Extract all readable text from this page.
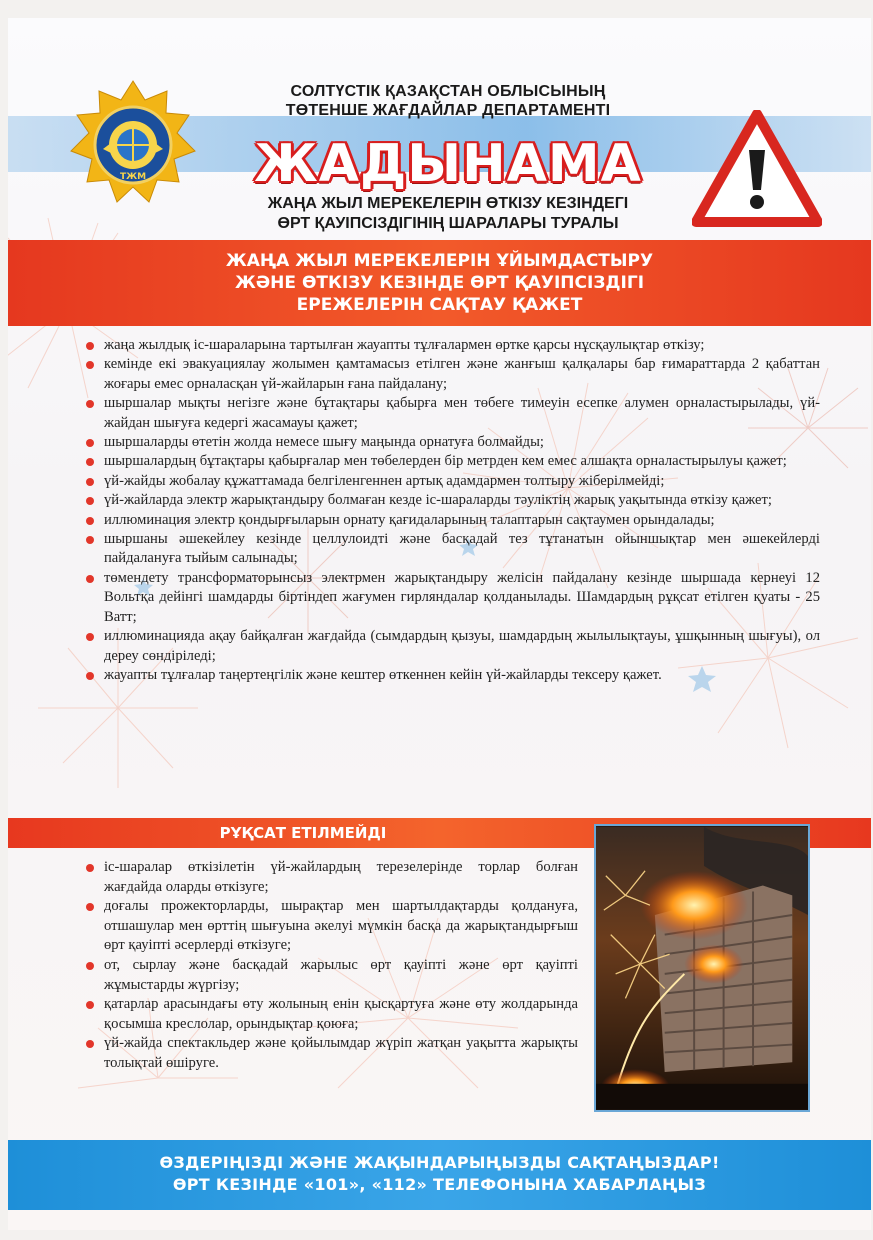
ТЖМ
СОЛТҮСТІК ҚАЗАҚСТАН ОБЛЫСЫНЫҢ
ТӨТЕНШЕ ЖАҒДАЙЛАР ДЕПАРТАМЕНТІ
ЖАДЫНАМА
ЖАҢА ЖЫЛ МЕРЕКЕЛЕРІН ӨТКІЗУ КЕЗІНДЕГІ
ӨРТ ҚАУІПСІЗДІГІНІҢ ШАРАЛАРЫ ТУРАЛЫ
ЖАҢА ЖЫЛ МЕРЕКЕЛЕРІН ҰЙЫМДАСТЫРУ
ЖӘНЕ ӨТКІЗУ КЕЗІНДЕ ӨРТ ҚАУІПСІЗДІГІ
ЕРЕЖЕЛЕРІН САҚТАУ ҚАЖЕТ
жаңа жылдық іс-шараларына тартылған жауапты тұлғалармен өртке қарсы нұсқаулықтар өткізу;
кемінде екі эвакуациялау жолымен қамтамасыз етілген және жанғыш қалқалары бар ғимараттарда 2 қабаттан жоғары емес орналасқан үй-жайларын ғана пайдалану;
шыршалар мықты негізге және бұтақтары қабырға мен төбеге тимеуін есепке алумен орналастырылады, үй-жайдан шығуға кедергі жасамауы қажет;
шыршаларды өтетін жолда немесе шығу маңында орнатуға болмайды;
шыршалардың бұтақтары қабырғалар мен төбелерден бір метрден кем емес алшақта орналастырылуы қажет;
үй-жайды жобалау құжаттамада белгіленгеннен артық адамдармен толтыру жіберілмейді;
үй-жайларда электр жарықтандыру болмаған кезде іс-шараларды тәуліктің жарық уақытында өткізу қажет;
иллюминация электр қондырғыларын орнату қағидаларының талаптарын сақтаумен орындалады;
шыршаны әшекейлеу кезінде целлулоидті және басқадай тез тұтанатын ойыншықтар мен әшекейлерді пайдалануға тыйым салынады;
төмендету трансформаторынсыз электрмен жарықтандыру желісін пайдалану кезінде шыршада кернеуі 12 Вольтқа дейінгі шамдарды біртіндеп жағумен гирляндалар қолданылады. Шамдардың рұқсат етілген қуаты - 25 Ватт;
иллюминацияда ақау байқалған жағдайда (сымдардың қызуы, шамдардың жылылықтауы, ұшқынның шығуы), ол дереу сөндіріледі;
жауапты тұлғалар таңертеңгілік және кештер өткеннен кейін үй-жайларды тексеру қажет.
РҰҚСАТ ЕТІЛМЕЙДІ
іс-шаралар өткізілетін үй-жайлардың терезелерінде торлар болған жағдайда оларды өткізуге;
доғалы прожекторларды, шырақтар мен шартылдақтарды қолдануға, отшашулар мен өрттің шығуына әкелуі мүмкін басқа да жарықтандырғыш өрт қауіпті әсерлерді өткізуге;
от, сырлау және басқадай жарылыс өрт қауіпті және өрт қауіпті жұмыстарды жүргізу;
қатарлар арасындағы өту жолының енін қысқартуға және өту жолдарында қосымша креслолар, орындықтар қоюға;
үй-жайда спектакльдер және қойылымдар жүріп жатқан уақытта жарықты толықтай өшіруге.
ӨЗДЕРІҢІЗДІ ЖӘНЕ ЖАҚЫНДАРЫҢЫЗДЫ САҚТАҢЫЗДАР!
ӨРТ КЕЗІНДЕ «101», «112» ТЕЛЕФОНЫНА ХАБАРЛАҢЫЗ
